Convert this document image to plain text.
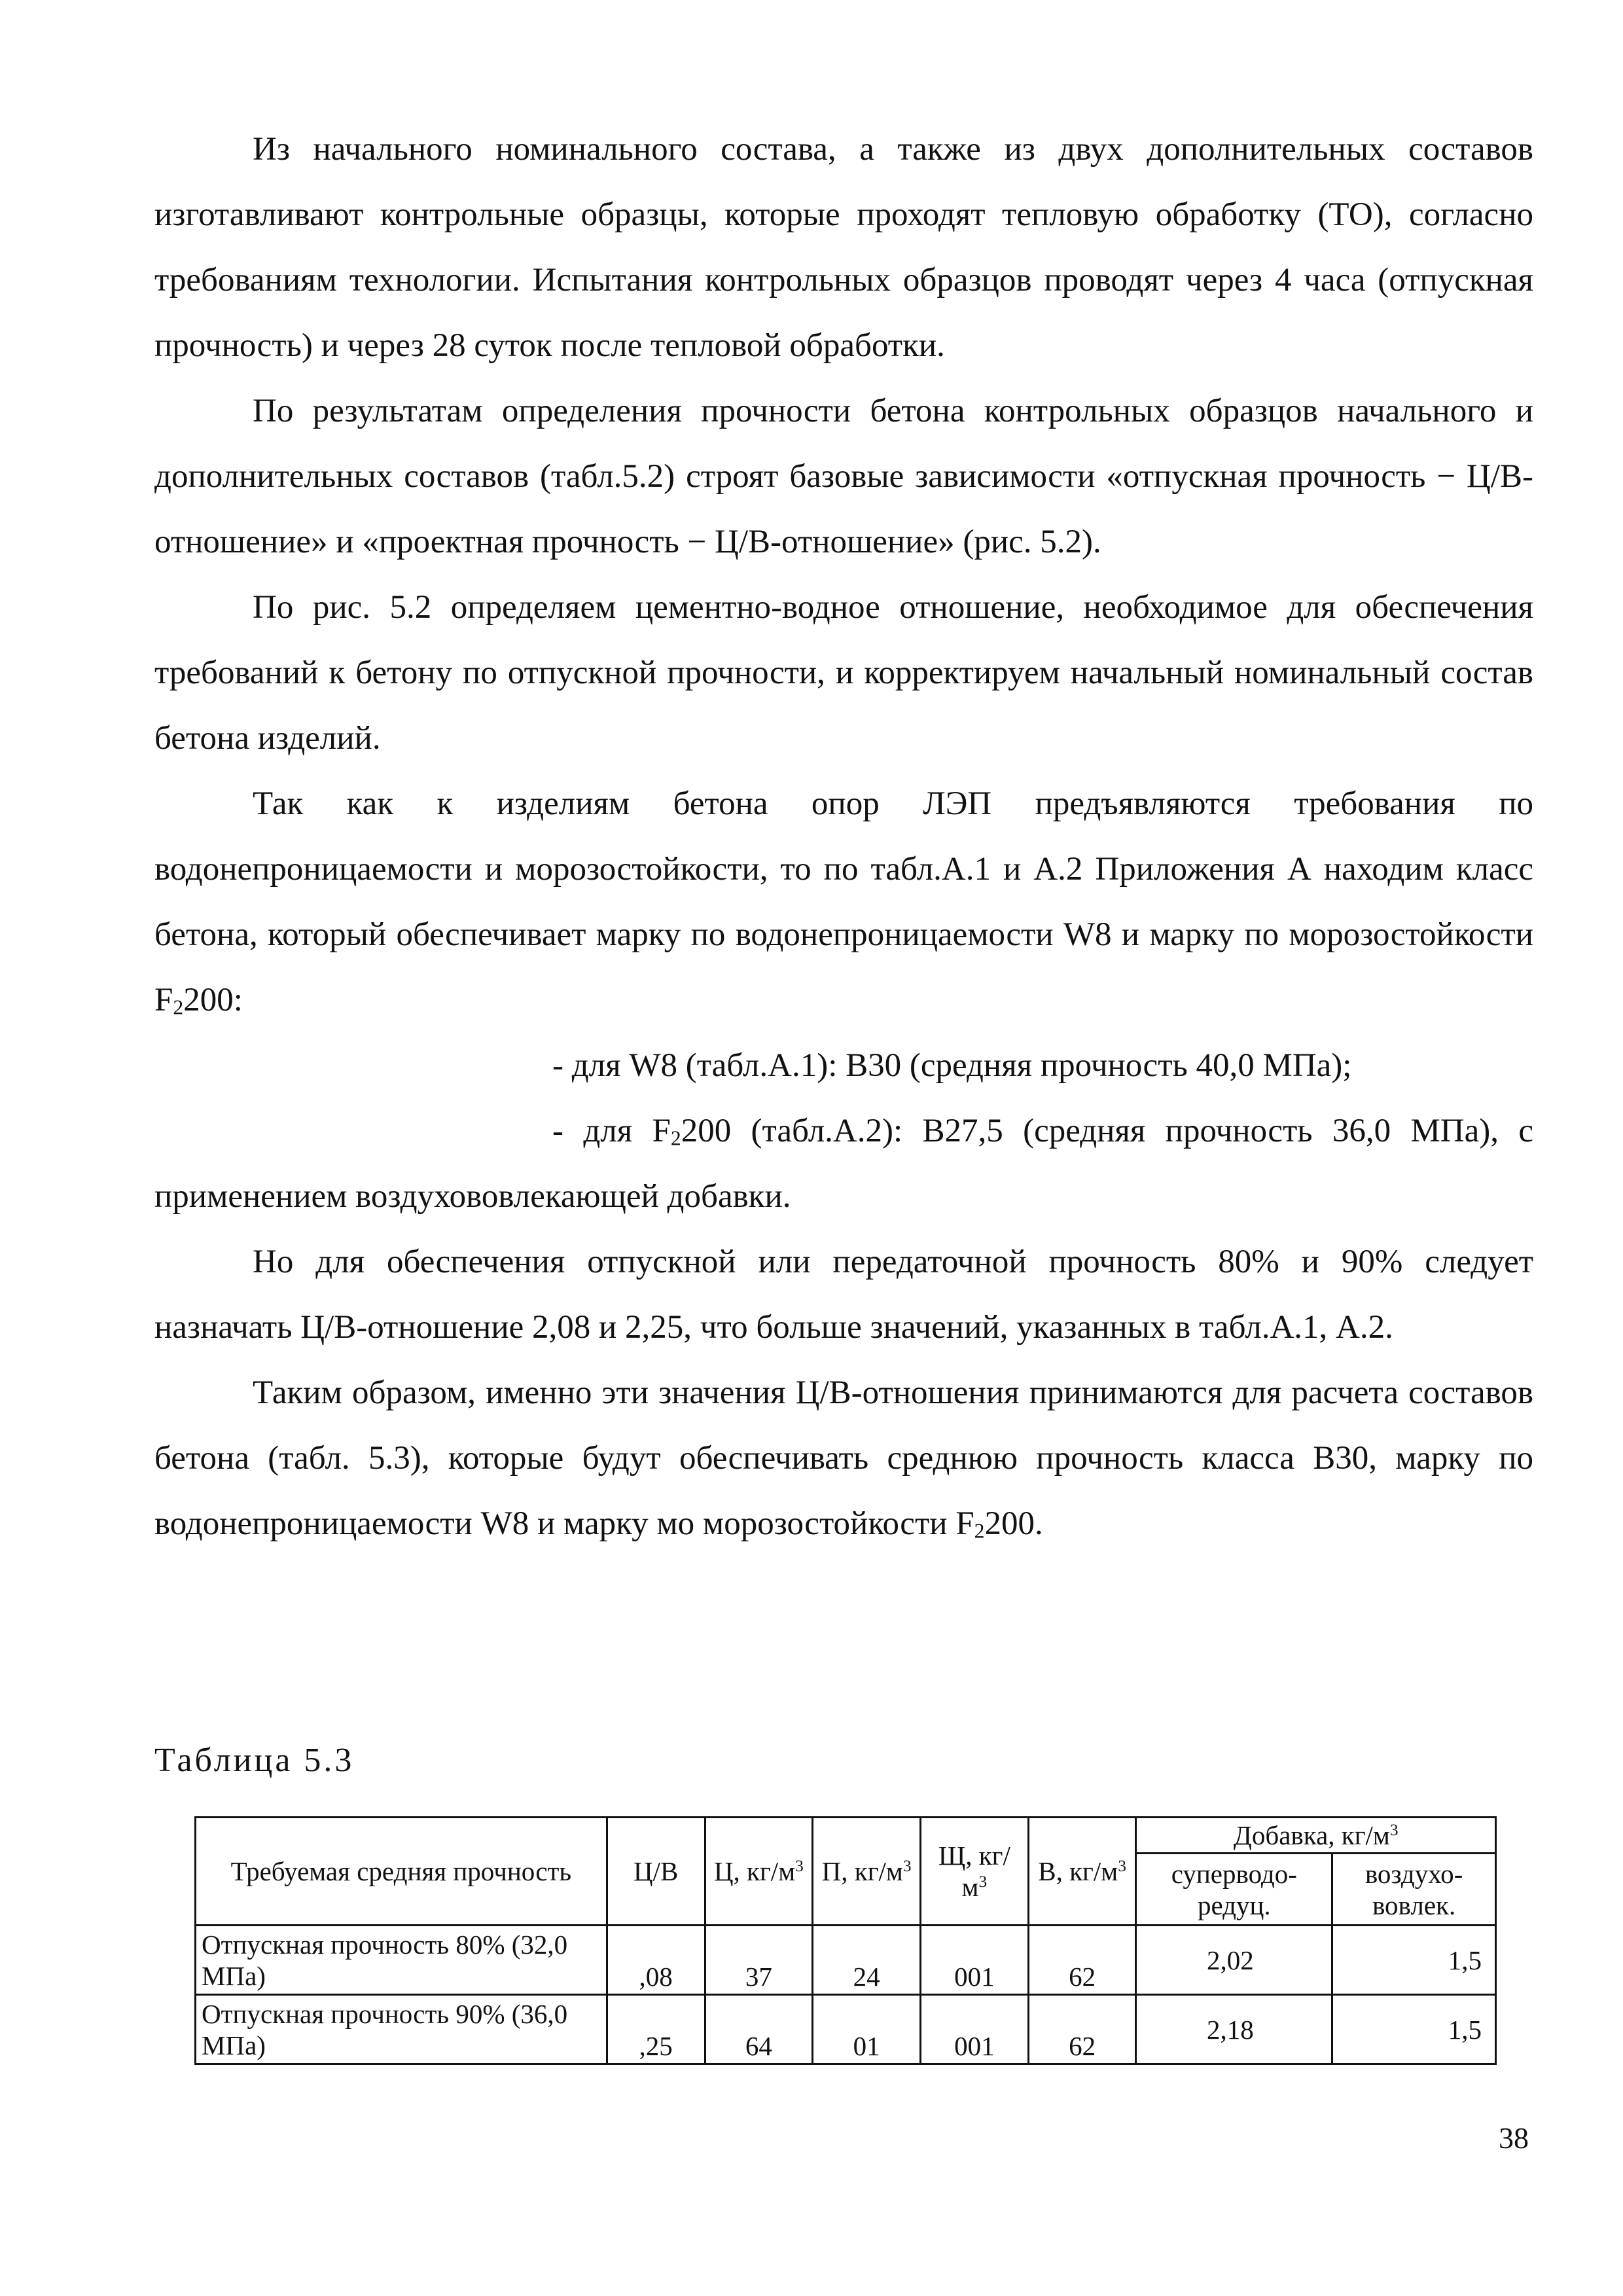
Из начального номинального состава, а также из двух дополнительных составов изготавливают контрольные образцы, которые проходят тепловую обработку (ТО), согласно требованиям технологии. Испытания контрольных образцов проводят через 4 часа (отпускная прочность) и через 28 суток после тепловой обработки.

По результатам определения прочности бетона контрольных образцов начального и дополнительных составов (табл.5.2) строят базовые зависимости «отпускная прочность − Ц/В-отношение» и «проектная прочность − Ц/В-отношение» (рис. 5.2).

По рис. 5.2 определяем цементно-водное отношение, необходимое для обеспечения требований к бетону по отпускной прочности, и корректируем начальный номинальный состав бетона изделий.

Так как к изделиям бетона опор ЛЭП предъявляются требования по водонепроницаемости и морозостойкости, то по табл.А.1 и А.2 Приложения А находим класс бетона, который обеспечивает марку по водонепроницаемости W8 и марку по морозостойкости $F_2200$:

- для W8 (табл.А.1): В30 (средняя прочность 40,0 МПа);

- для $F_2200$ (табл.А.2): В27,5 (средняя прочность 36,0 МПа), с применением воздухововлекающей добавки.

Но для обеспечения отпускной или передаточной прочность 80% и 90% следует назначать Ц/В-отношение 2,08 и 2,25, что больше значений, указанных в табл.А.1, А.2.

Таким образом, именно эти значения Ц/В-отношения принимаются для расчета составов бетона (табл. 5.3), которые будут обеспечивать среднюю прочность класса В30, марку по водонепроницаемости W8 и марку мо морозостойкости $F_2200$.

Таблица 5.3
Требуемая средняя прочность	Ц/В	Ц, $кг/м^3$	П, $кг/м^3$	Щ, $кг/м^3$	В, $кг/м^3$	Добавка, $кг/м^3$
						суперводо-редуц.	воздухо-вовлек.
Отпускная прочность 80% (32,0 МПа)	,08	37	24	001	62	2,02	1,5
Отпускная прочность 90% (36,0 МПа)	,25	64	01	001	62	2,18	1,5
38
